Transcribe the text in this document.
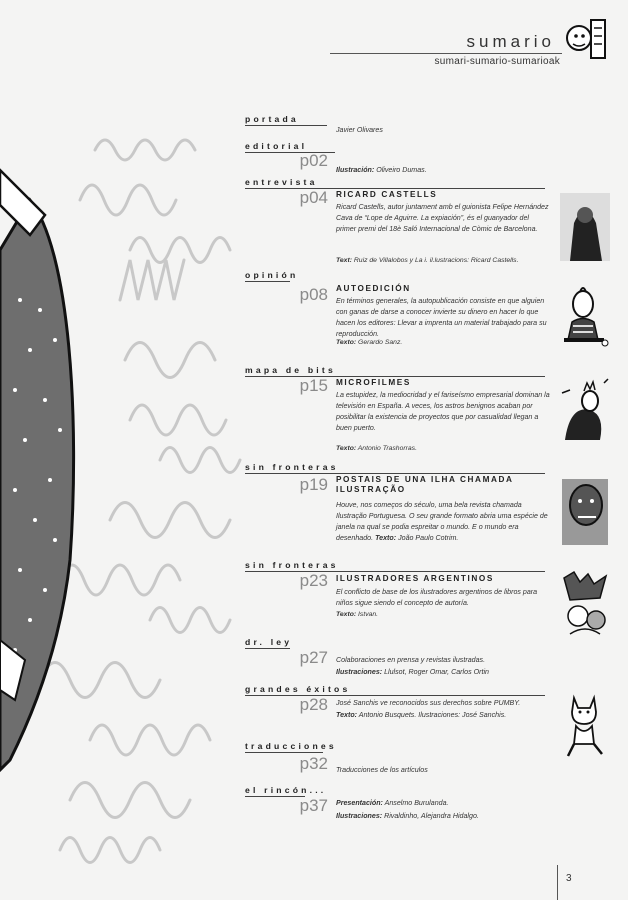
sumario
sumari-sumario-sumarioak
portada
Javier Olivares
editorial
p02 Ilustración: Oliveiro Dumas.
entrevista
p04 RICARD CASTELLS
Ricard Castells, autor juntament amb el guionista Felipe Hernández Cava de “Lope de Aguirre. La expiación”, és el guanyador del primer premi del 18è Saló Internacional de Còmic de Barcelona.
Text: Ruiz de Villalobos y La i. il.lustracions: Ricard Castells.
opinión
p08 AUTOEDICIÓN
En términos generales, la autopublicación consiste en que alguien con ganas de darse a conocer invierte su dinero en hacer lo que hacen los editores: Llevar a imprenta un material trabajado para su reproducción.
Texto: Gerardo Sanz.
mapa de bits
p15 MICROFILMES
La estupidez, la mediocridad y el fariseísmo empresarial dominan la televisión en España. A veces, los astros benignos acaban por posibilitar la existencia de proyectos que por casualidad llegan a buen puerto.
Texto: Antonio Trashorras.
sin fronteras
p19 POSTAIS DE UNA ILHA CHAMADA ILUSTRAÇÃO
Houve, nos começos do século, uma bela revista chamada Ilustração Portuguesa. O seu grande formato abria uma espécie de janela na qual se podia espreitar o mundo. E o mundo era desenhado. Texto: João Paulo Cotrim.
sin fronteras
p23 ILUSTRADORES ARGENTINOS
El conflicto de base de los ilustradores argentinos de libros para niños sigue siendo el concepto de autoría.
Texto: Istvan.
dr. ley
p27 Colaboraciones en prensa y revistas ilustradas.
Ilustraciones: Llulsot, Roger Omar, Carlos Ortin
grandes éxitos
p28 José Sanchis ve reconocidos sus derechos sobre PUMBY.
Texto: Antonio Busquets. Ilustraciones: José Sanchis.
traducciones
p32 Traducciones de los artículos
el rincón...
p37 Presentación: Anselmo Burulanda.
Ilustraciones: Rivaldinho, Alejandra Hidalgo.
3
